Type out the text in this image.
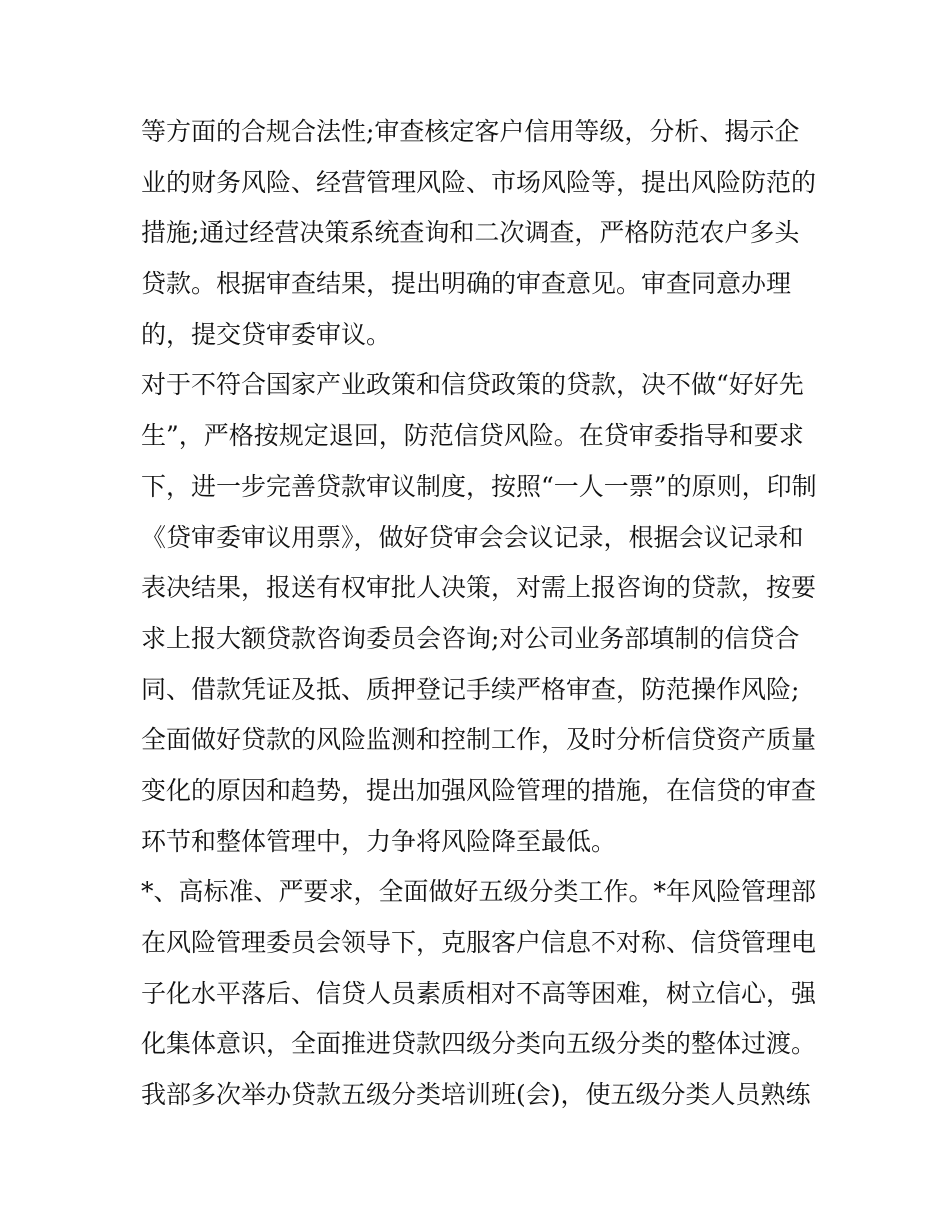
等方面的合规合法性;审查核定客户信用等级，分析、揭示企
业的财务风险、经营管理风险、市场风险等，提出风险防范的
措施;通过经营决策系统查询和二次调查，严格防范农户多头
贷款。根据审查结果，提出明确的审查意见。审查同意办理
的，提交贷审委审议。
对于不符合国家产业政策和信贷政策的贷款，决不做“好好先
生”，严格按规定退回，防范信贷风险。在贷审委指导和要求
下，进一步完善贷款审议制度，按照“一人一票”的原则，印制
《贷审委审议用票》，做好贷审会会议记录，根据会议记录和
表决结果，报送有权审批人决策，对需上报咨询的贷款，按要
求上报大额贷款咨询委员会咨询;对公司业务部填制的信贷合
同、借款凭证及抵、质押登记手续严格审查，防范操作风险;
全面做好贷款的风险监测和控制工作，及时分析信贷资产质量
变化的原因和趋势，提出加强风险管理的措施，在信贷的审查
环节和整体管理中，力争将风险降至最低。
*、高标准、严要求，全面做好五级分类工作。*年风险管理部
在风险管理委员会领导下，克服客户信息不对称、信贷管理电
子化水平落后、信贷人员素质相对不高等困难，树立信心，强
化集体意识，全面推进贷款四级分类向五级分类的整体过渡。
我部多次举办贷款五级分类培训班(会)，使五级分类人员熟练
